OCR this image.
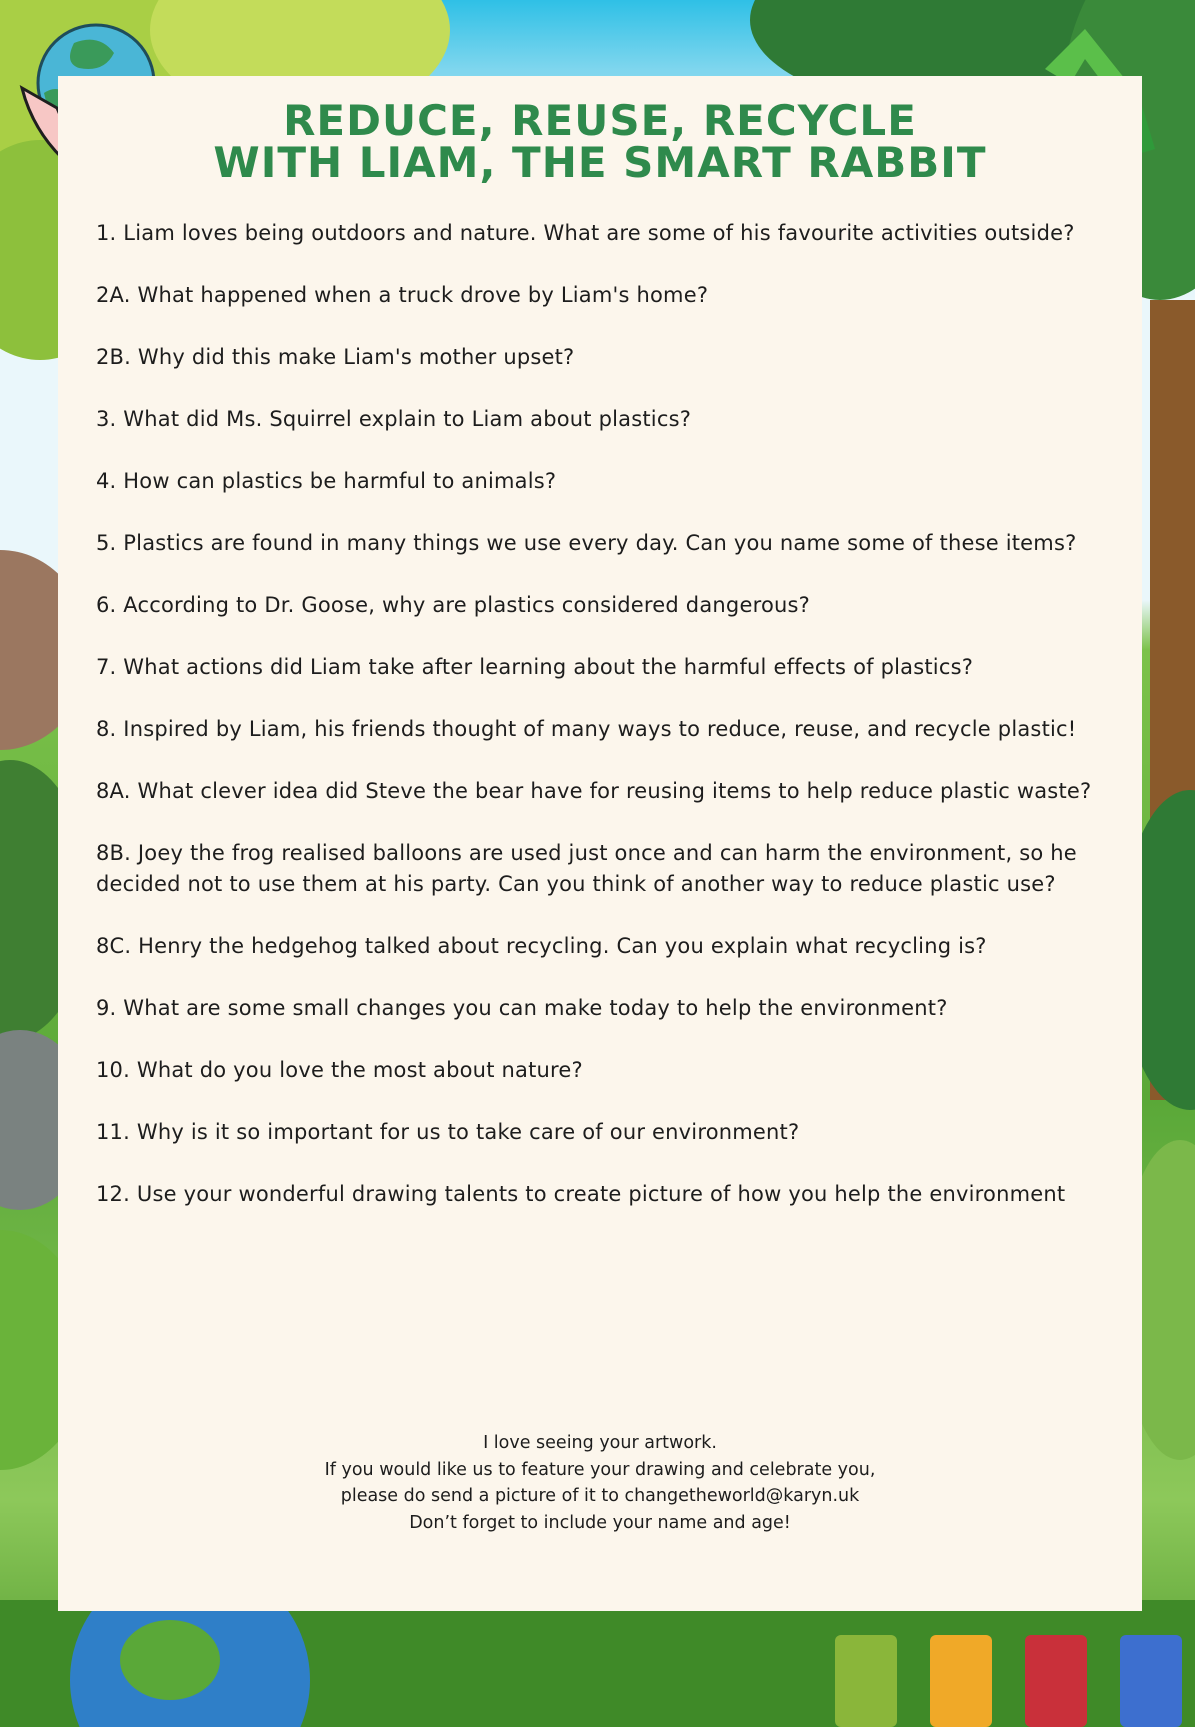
REDUCE, REUSE, RECYCLE
WITH LIAM, THE SMART RABBIT
1. Liam loves being outdoors and nature. What are some of his favourite activities outside?
2A. What happened when a truck drove by Liam's home?
2B. Why did this make Liam's mother upset?
3. What did Ms. Squirrel explain to Liam about plastics?
4. How can plastics be harmful to animals?
5. Plastics are found in many things we use every day. Can you name some of these items?
6. According to Dr. Goose, why are plastics considered dangerous?
7. What actions did Liam take after learning about the harmful effects of plastics?
8. Inspired by Liam, his friends thought of many ways to reduce, reuse, and recycle plastic!
8A. What clever idea did Steve the bear have for reusing items to help reduce plastic waste?
8B. Joey the frog realised balloons are used just once and can harm the environment, so he decided not to use them at his party. Can you think of another way to reduce plastic use?
8C. Henry the hedgehog talked about recycling. Can you explain what recycling is?
9. What are some small changes you can make today to help the environment?
10. What do you love the most about nature?
11. Why is it so important for us to take care of our environment?
12. Use your wonderful drawing talents to create picture of how you help the environment
I love seeing your artwork.
If you would like us to feature your drawing and celebrate you,
please do send a picture of it to changetheworld@karyn.uk
Don’t forget to include your name and age!
